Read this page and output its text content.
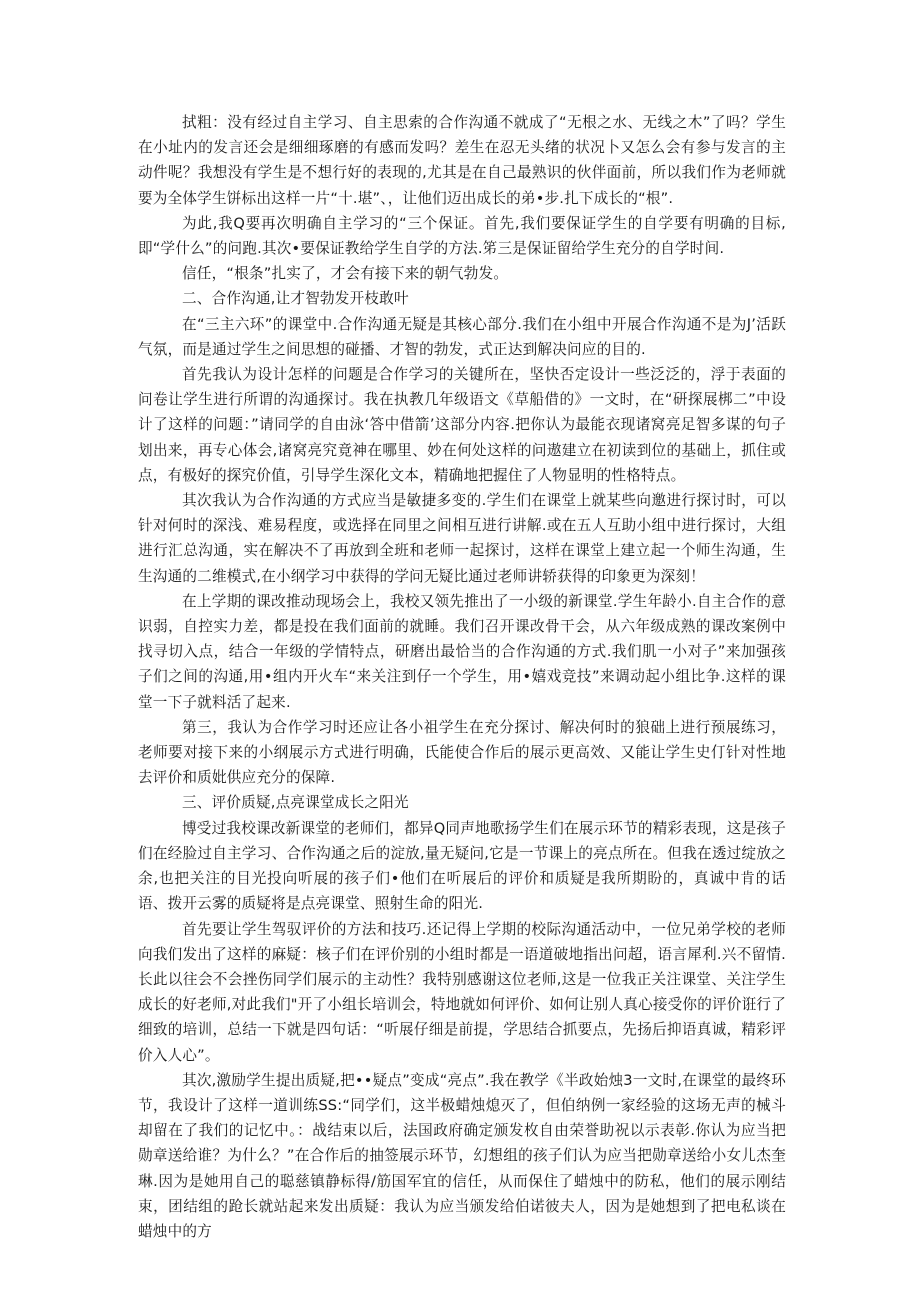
拭粗：没有经过自主学习、自主思索的合作沟通不就成了“无根之水、无线之木”了吗？学生在小址内的发言还会是细细琢磨的有感而发吗？差生在忍无头绪的状况卜又怎么会有参与发言的主动件呢？我想没有学生是不想行好的表现的,尤其是在自己最熟识的伙伴面前，所以我们作为老师就要为全体学生饼标出这样一片“十.堪”、，让他们迈出成长的弟•步.扎下成长的“根”.

为此,我Q要再次明确自主学习的“三个保证。首先,我们要保证学生的自学要有明确的目标,即“学什么”的问跑.其次•要保证教给学生自学的方法.笫三是保证留给学生充分的自学时间.

信任，“根条”扎实了，才会有接下来的朝气勃发。

二、合作沟通,让才智勃发开枝敢叶

在“三主六环”的课堂中.合作沟通无疑是其核心部分.我们在小组中开展合作沟通不是为J’活跃气氛，而是通过学生之间思想的碰播、才智的勃发，式正达到解决问应的目的.

首先我认为设计怎样的问题是合作学习的关键所在，坚快否定设计一些泛泛的，浮于表面的问卷让学生进行所谓的沟通探讨。我在执教几年级语文《草船借的》一文时，在“研探展梆二”中设计了这样的问题：”请同学的自由泳‘答中借箭’这部分内容.把你认为最能衣现诸窝亮足智多谋的句子划出来，再专心体会,诸窝亮究竟神在哪里、妙在何处这样的问遨建立在初读到位的基础上，抓住或点，有极好的探究价值，引导学生深化文本，精确地把握住了人物显明的性格特点。

其次我认为合作沟通的方式应当是敏捷多变的.学生们在课堂上就某些向邀进行探讨时，可以针对何时的深浅、难易程度，或选择在同里之间相互进行讲解.或在五人互助小组中进行探讨，大组进行汇总沟通，实在解决不了再放到全班和老师一起探讨，这样在课堂上建立起一个师生沟通，生生沟通的二维模式,在小纲学习中获得的学问无疑比通过老师讲轿获得的印象更为深刻！

在上学期的课改推动现场会上，我校又领先推出了一小级的新课堂.学生年龄小.自主合作的意识弱，自控实力差，都是投在我们面前的就睡。我们召开课改骨干会，从六年级成熟的课改案例中找寻切入点，结合一年级的学情特点，研磨出最恰当的合作沟通的方式.我们肌一小对子”来加强孩子们之间的沟通,用•组内开火车“来关注到仔一个学生，用•嬉戏竞技”来调动起小组比争.这样的课堂一下子就料活了起来.

第三，我认为合作学习时还应让各小祖学生在充分探讨、解决何时的狼础上进行预展练习，老师要对接下来的小纲展示方式进行明确，氏能使合作后的展示更高效、又能让学生史仃针对性地去评价和质妣供应充分的保障.

三、评价质疑,点亮课堂成长之阳光

博受过我校课改新课堂的老师们，都异Q同声地歌扬学生们在展示环节的精彩表现，这是孩子们在经脸过自主学习、合作沟通之后的淀放,量无疑问,它是一节课上的亮点所在。但我在透过绽放之余,也把关注的目光投向听展的孩子们•他们在听展后的评价和质疑是我所期盼的，真诚中肯的话语、拨开云雾的质疑将是点亮课堂、照射生命的阳光.

首先要让学生驾驭评价的方法和技巧.还记得上学期的校际沟通活动中，一位兄弟学校的老师向我们发出了这样的麻疑：核子们在评价别的小组时都是一语道破地指出问超，语言犀利.兴不留情.长此以往会不会挫伤同学们展示的主动性？我特别感谢这位老师,这是一位我正关注课堂、关注学生成长的好老师,对此我们"开了小组长培训会，特地就如何评价、如何让别人真心接受你的评价诳行了细致的培训，总结一下就是四句话：“听展仔细是前提，学思结合抓要点，先扬后抑语真诚，精彩评价入人心”。

其次,激励学生提出质疑,把••疑点”变成“亮点”.我在教学《半政始烛3一文时,在课堂的最终环节，我设计了这样一道训练SS:“同学们，这半极蜡烛熄灭了，但伯纳例一家经验的这场无声的械斗却留在了我们的记忆中。：战结束以后，法国政府确定颁发枚自由荣誉助祝以示表彰.你认为应当把勋章送给谁？为什么？”在合作后的抽签展示环节，幻想组的孩子们认为应当把勋章送给小女儿杰奎琳.因为是她用自己的聪慈镇静标得/筋国军宜的信任，从而保住了蜡烛中的防私，他们的展示刚结束，团结组的跄长就站起来发出质疑：我认为应当颁发给伯诺彼夫人，因为是她想到了把电私谈在蜡烛中的方
